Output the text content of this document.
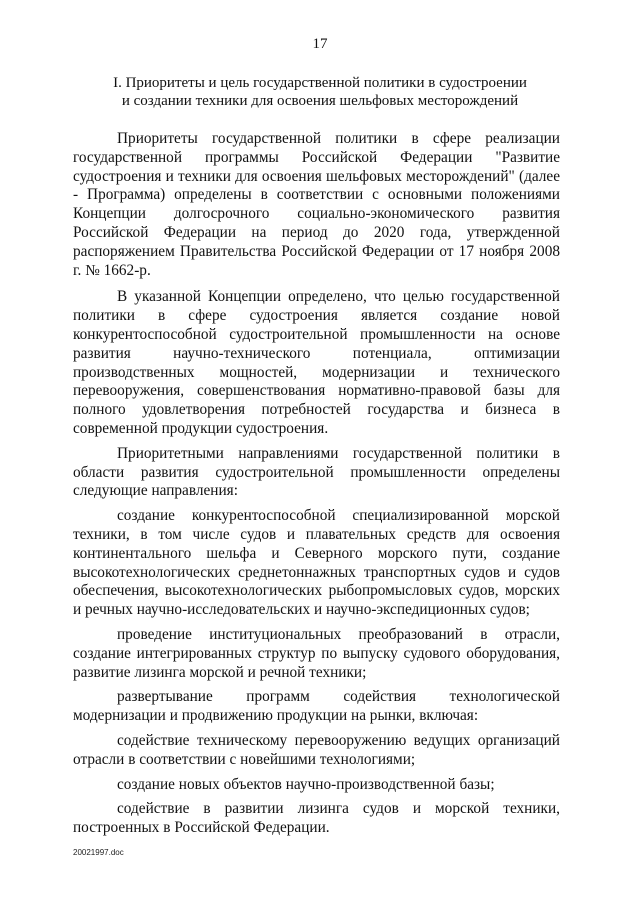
17
I. Приоритеты и цель государственной политики в судостроении
и создании техники для освоения шельфовых месторождений

Приоритеты государственной политики в сфере реализации государственной программы Российской Федерации "Развитие судостроения и техники для освоения шельфовых месторождений" (далее - Программа) определены в соответствии с основными положениями Концепции долгосрочного социально-экономического развития Российской Федерации на период до 2020 года, утвержденной распоряжением Правительства Российской Федерации от 17 ноября 2008 г. № 1662-р.

В указанной Концепции определено, что целью государственной политики в сфере судостроения является создание новой конкурентоспособной судостроительной промышленности на основе развития научно-технического потенциала, оптимизации производственных мощностей, модернизации и технического перевооружения, совершенствования нормативно-правовой базы для полного удовлетворения потребностей государства и бизнеса в современной продукции судостроения.

Приоритетными направлениями государственной политики в области развития судостроительной промышленности определены следующие направления:

создание конкурентоспособной специализированной морской техники, в том числе судов и плавательных средств для освоения континентального шельфа и Северного морского пути, создание высокотехнологических среднетоннажных транспортных судов и судов обеспечения, высокотехнологических рыбопромысловых судов, морских и речных научно-исследовательских и научно-экспедиционных судов;

проведение институциональных преобразований в отрасли, создание интегрированных структур по выпуску судового оборудования, развитие лизинга морской и речной техники;

развертывание программ содействия технологической модернизации и продвижению продукции на рынки, включая:

содействие техническому перевооружению ведущих организаций отрасли в соответствии с новейшими технологиями;

создание новых объектов научно-производственной базы;

содействие в развитии лизинга судов и морской техники, построенных в Российской Федерации.

20021997.doc
